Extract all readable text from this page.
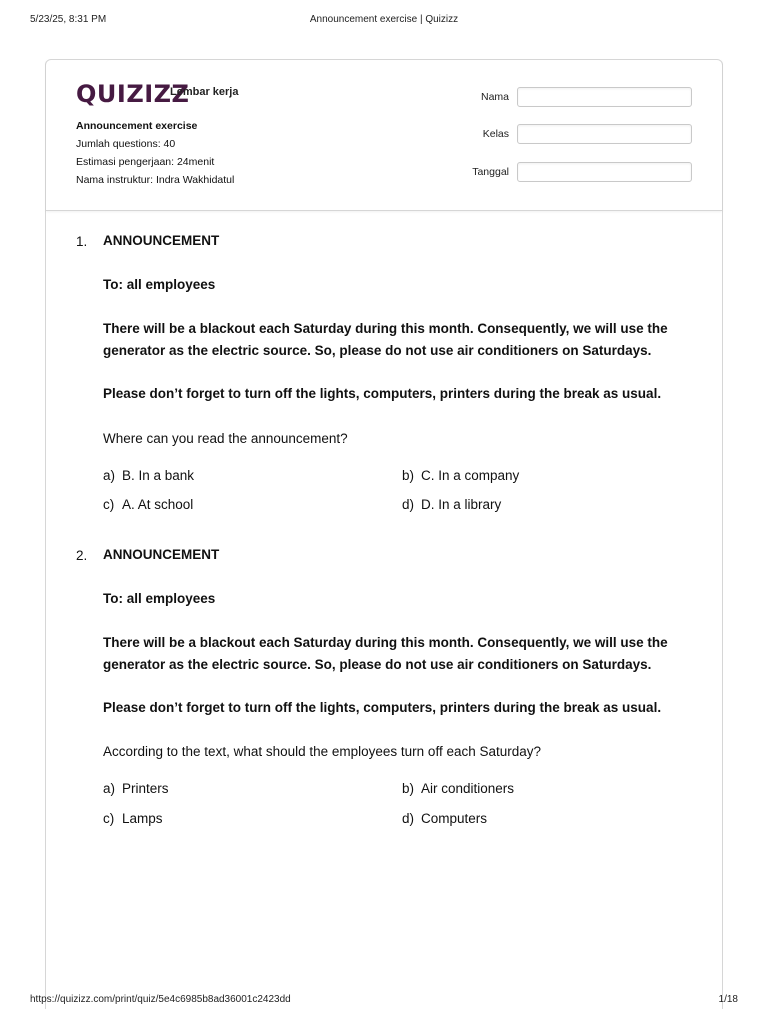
5/23/25, 8:31 PM	Announcement exercise | Quizizz
QUIZIZZ
Lembar kerja
Announcement exercise
Jumlah questions: 40
Estimasi pengerjaan: 24menit
Nama instruktur: Indra Wakhidatul
Nama
Kelas
Tanggal
1. ANNOUNCEMENT
To: all employees
There will be a blackout each Saturday during this month. Consequently, we will use the
generator as the electric source. So, please do not use air conditioners on Saturdays.
Please don’t forget to turn off the lights, computers, printers during the break as usual.
Where can you read the announcement?
a) B. In a bank	b) C. In a company
c) A. At school	d) D. In a library
2. ANNOUNCEMENT
To: all employees
There will be a blackout each Saturday during this month. Consequently, we will use the
generator as the electric source. So, please do not use air conditioners on Saturdays.
Please don’t forget to turn off the lights, computers, printers during the break as usual.
According to the text, what should the employees turn off each Saturday?
a) Printers	b) Air conditioners
c) Lamps	d) Computers
https://quizizz.com/print/quiz/5e4c6985b8ad36001c2423dd	1/18
